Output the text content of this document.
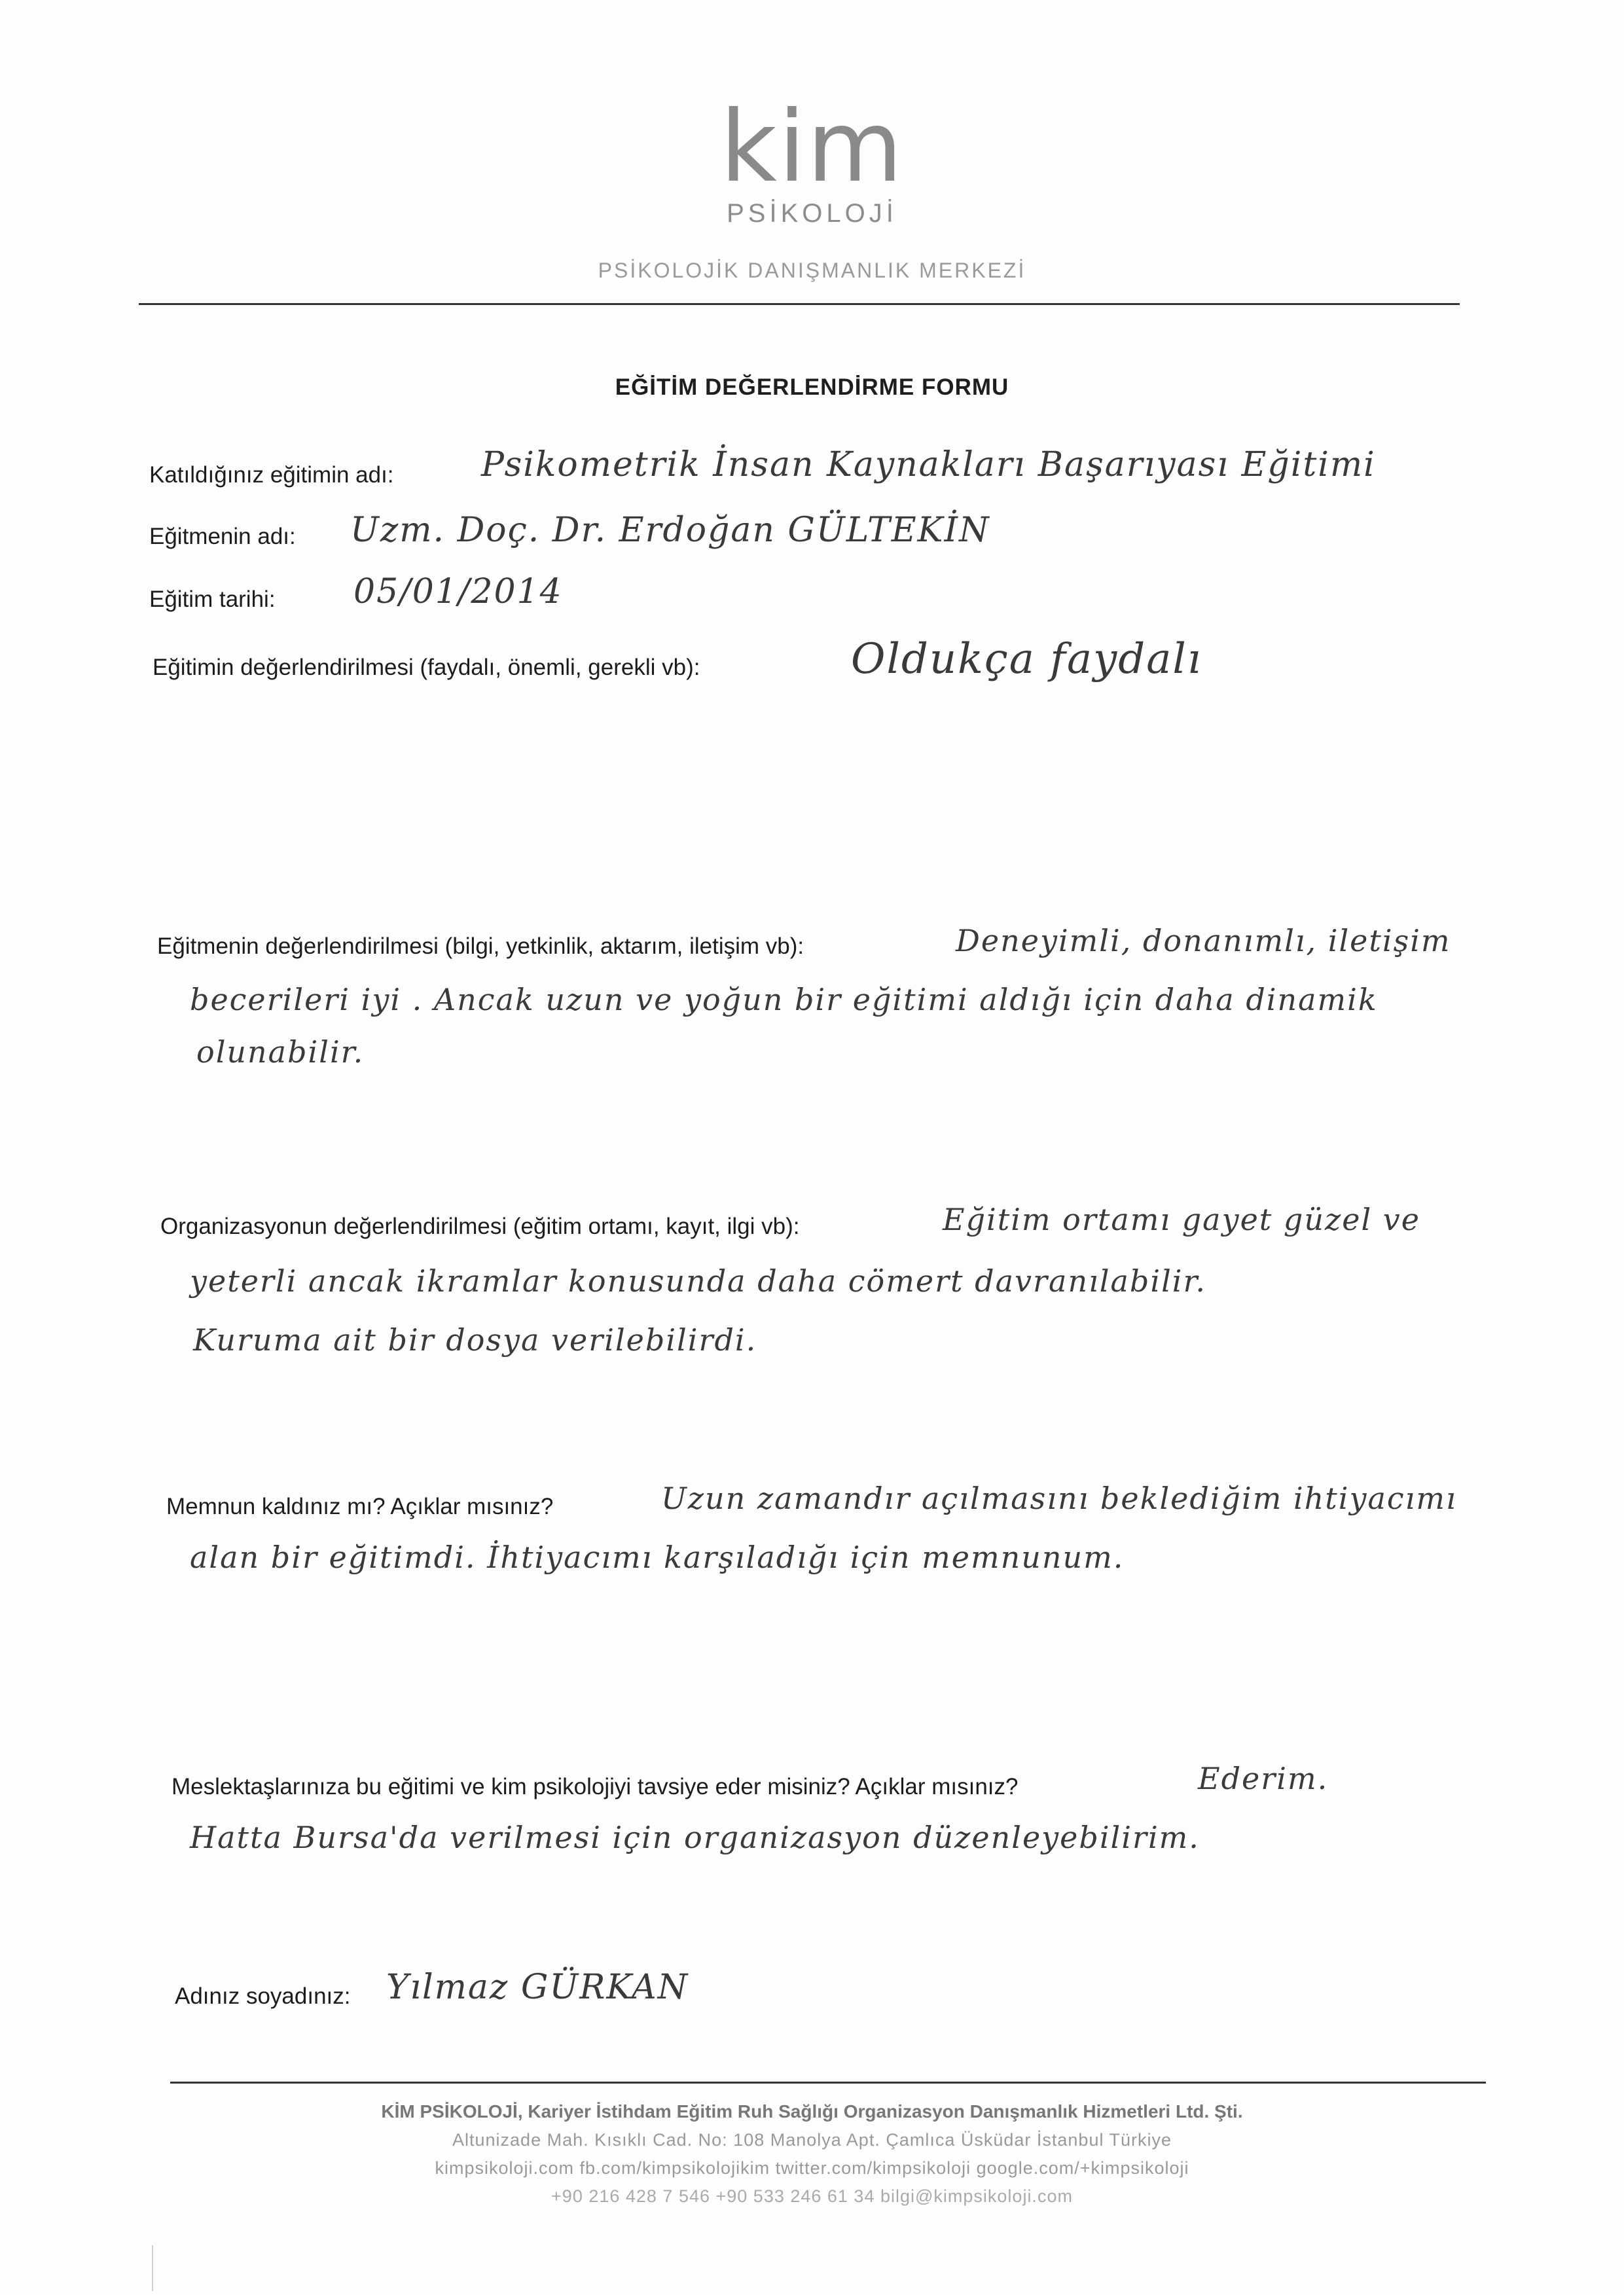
kim
PSİKOLOJİ
PSİKOLOJİK DANIŞMANLIK MERKEZİ
EĞİTİM DEĞERLENDİRME FORMU
Katıldığınız eğitimin adı:	Psikometrik İnsan Kaynakları Başarıyası Eğitimi
Eğitmenin adı: Uzm. Doç. Dr. Erdoğan GÜLTEKİN
Eğitim tarihi: 05/01/2014
Eğitimin değerlendirilmesi (faydalı, önemli, gerekli vb):	Oldukça faydalı
Eğitmenin değerlendirilmesi (bilgi, yetkinlik, aktarım, iletişim vb):	Deneyimli, donanımlı, iletişim
becerileri iyi . Ancak uzun ve yoğun bir eğitimi aldığı için daha dinamik
olunabilir.
Organizasyonun değerlendirilmesi (eğitim ortamı, kayıt, ilgi vb):	Eğitim ortamı gayet güzel ve
yeterli ancak ikramlar konusunda daha cömert davranılabilir.
Kuruma ait bir dosya verilebilirdi.
Memnun kaldınız mı? Açıklar mısınız?	Uzun zamandır açılmasını beklediğim ihtiyacımı
alan bir eğitimdi. İhtiyacımı karşıladığı için memnunum.
Meslektaşlarınıza bu eğitimi ve kim psikolojiyi tavsiye eder misiniz? Açıklar mısınız?	Ederim.
Hatta Bursa'da verilmesi için organizasyon düzenleyebilirim.
Adınız soyadınız: Yılmaz GÜRKAN
KİM PSİKOLOJİ, Kariyer İstihdam Eğitim Ruh Sağlığı Organizasyon Danışmanlık Hizmetleri Ltd. Şti.
Altunizade Mah. Kısıklı Cad. No: 108 Manolya Apt. Çamlıca Üsküdar İstanbul Türkiye
kimpsikoloji.com fb.com/kimpsikolojikim twitter.com/kimpsikoloji google.com/+kimpsikoloji
+90 216 428 7 546 +90 533 246 61 34 bilgi@kimpsikoloji.com
